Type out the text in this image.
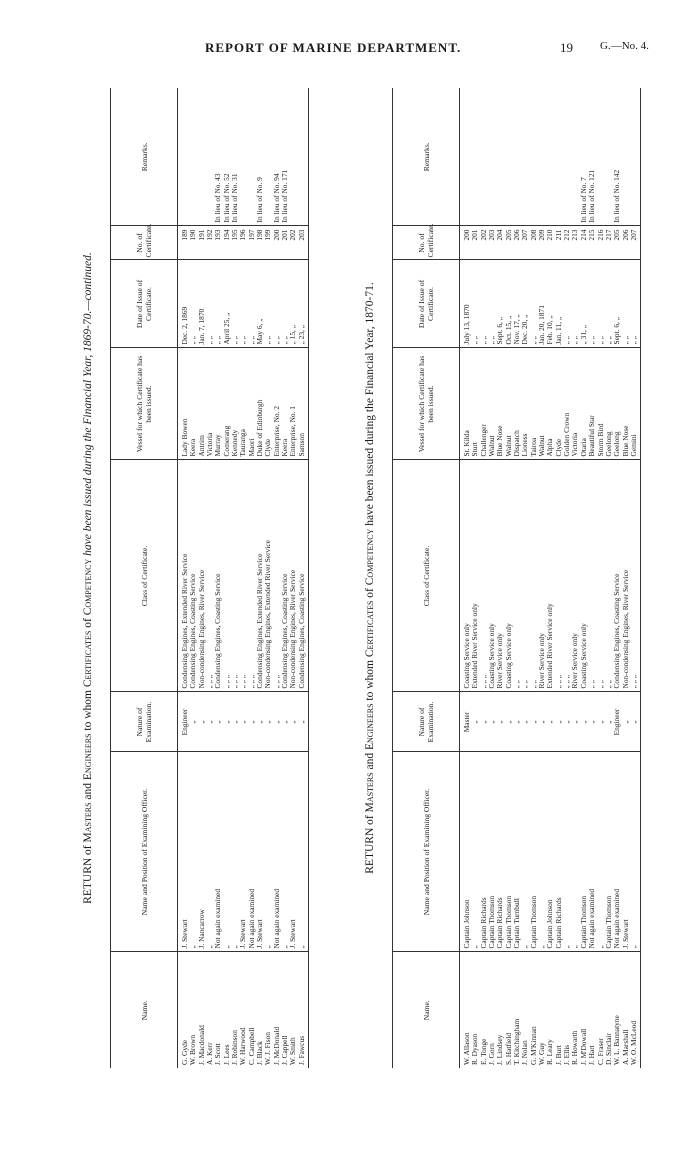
REPORT OF MARINE DEPARTMENT.	19 G.—No. 4.
RETURN of Masters and Engineers to whom Certificates of Competency have been issued during the Financial Year, 1869-70.—continued.
Name.	Name and Position of Examining Officer.	Nature of Examination.	Class of Certificate.	Vessel for which Certificate has been issued.	Date of Issue of Certificate.	No. of Certificate.	Remarks.
G. Gyde	J. Stewart	Engineer	Condensing Engines, Extended River Service	Lady Bowen	Dec. 2, 1869	189	
W. Brown	„	„	Condensing Engines, Coasting Service	Keera	„ „	190	
J. Macdonald	J. Nancarrow	„	Non-condensing Engines, River Service	Antrim	Jan. 7, 1870	191	
A. Kerr	„	„	„ „ „	Victoria	„ „	192	
J. Scott	Not again examined	„	Condensing Engines, Coasting Service	Murray	„ „	193	In lieu of No. 43
J. Lees	„	„	„ „ „	Comerang	April 25, „	194	In lieu of No. 52
J. Robinson	„	„	„ „ „	Kennedy	„ „	195	In lieu of No. 31
W. Harwood	J. Stewart	„	„ „ „	Tauranga	„ „	196	
C. Campbell	Not again examined	„	„ „ „	Maori	„ „	197	
J. Black	J. Stewart	„	Condensing Engines, Extended River Service	Duke of Edinburgh	May 6, „	198	In lieu of No. 9
W. J. Fison	„	„	Non-condensing Engines, Extended River Service	Clyde	„ „	199	
J. McDonald	Not again examined	„	„ „ „	Enterprise, No. 2	„ „	200	In lieu of No. 94
J. Cappell	„	„	Condensing Engines, Coasting Service	Keera	„ „	201	In lieu of No. 171
W. Smith	J. Stewart	„	Non-condensing Engines, River Service	Enterprise, No. 1	„ 15, „	202	
J. Fawcus	„	„	Condensing Engines, Coasting Service	Samson	„ 23, „	203	
RETURN of Masters and Engineers to whom Certificates of Competency have been issued during the Financial Year, 1870-71.
Name.	Name and Position of Examining Officer.	Nature of Examination.	Class of Certificate.	Vessel for which Certificate has been issued.	Date of Issue of Certificate.	No. of Certificate.	Remarks.
W. Allason	Captain Johnson	Master	Coasting Service only	St. Kilda	July 13, 1870	200	
R. Dyason	„	„	Extended River Service only	Sturt	„ „	201	
E. Tonge	Captain Richards	„	„ „ „	Challenger	„ „	202	
J. Gorn	Captain Thomson	„	Coasting Service only	Walnut	„ „	203	
J. Lindsey	Captain Richards	„	River Service only	Blue Nose	Sept. 6, „	204	
S. Hatfield	Captain Thomson	„	Coasting Service only	Walnut	Oct. 15, „	205	
T. Kitchingham	Captain Turnbull	„	„ „	Dispatch	Nov. 17, „	206	
J. Nolan	„	„	„ „	Lioness	Dec. 20, „	207	
G. M'Kinnan	Captain Thomson	„	„ „	Tairoa	„ „	208	
W. Guy	„	„	River Service only	Walnut	Jan. 20, 1871	209	
R. Leary	Captain Johnson	„	Extended River Service only	Alpha	Feb. 10, „	210	
J. Burt	Captain Richards	„	„ „ „	Clyde	Jan. 11, „	211	
J. Ellis	„	„	„ „ „	Golden Crown	„ „	212	
R. Howarth	„	„	River Service only	Victoria	„ „	213	
J. M'Dowall	Captain Thomson	„	Coasting Service only	Otaria	„ 31, „	214	In lieu of No. 7
J. Hart	Not again examined	„	„ „	Beautiful Star	„ „	215	In lieu of No. 121
C. Fraser	„	„	„ „	Storm Bird	„ „	216	
D. Sinclair	Captain Thomson	„	„ „	Geelong	„ „	217	
W. L. Bannatyne	Not again examined	Engineer	Condensing Engines, Coasting Service	Geelong	Sept. 6, „	205	In lieu of No. 142
A. Marshall	J. Stewart	„	Non-condensing Engines, River Service	Blue Nose	„ „	206	
W. O. McLeod	„	„	„ „ „	Gemini	„ „	207	
